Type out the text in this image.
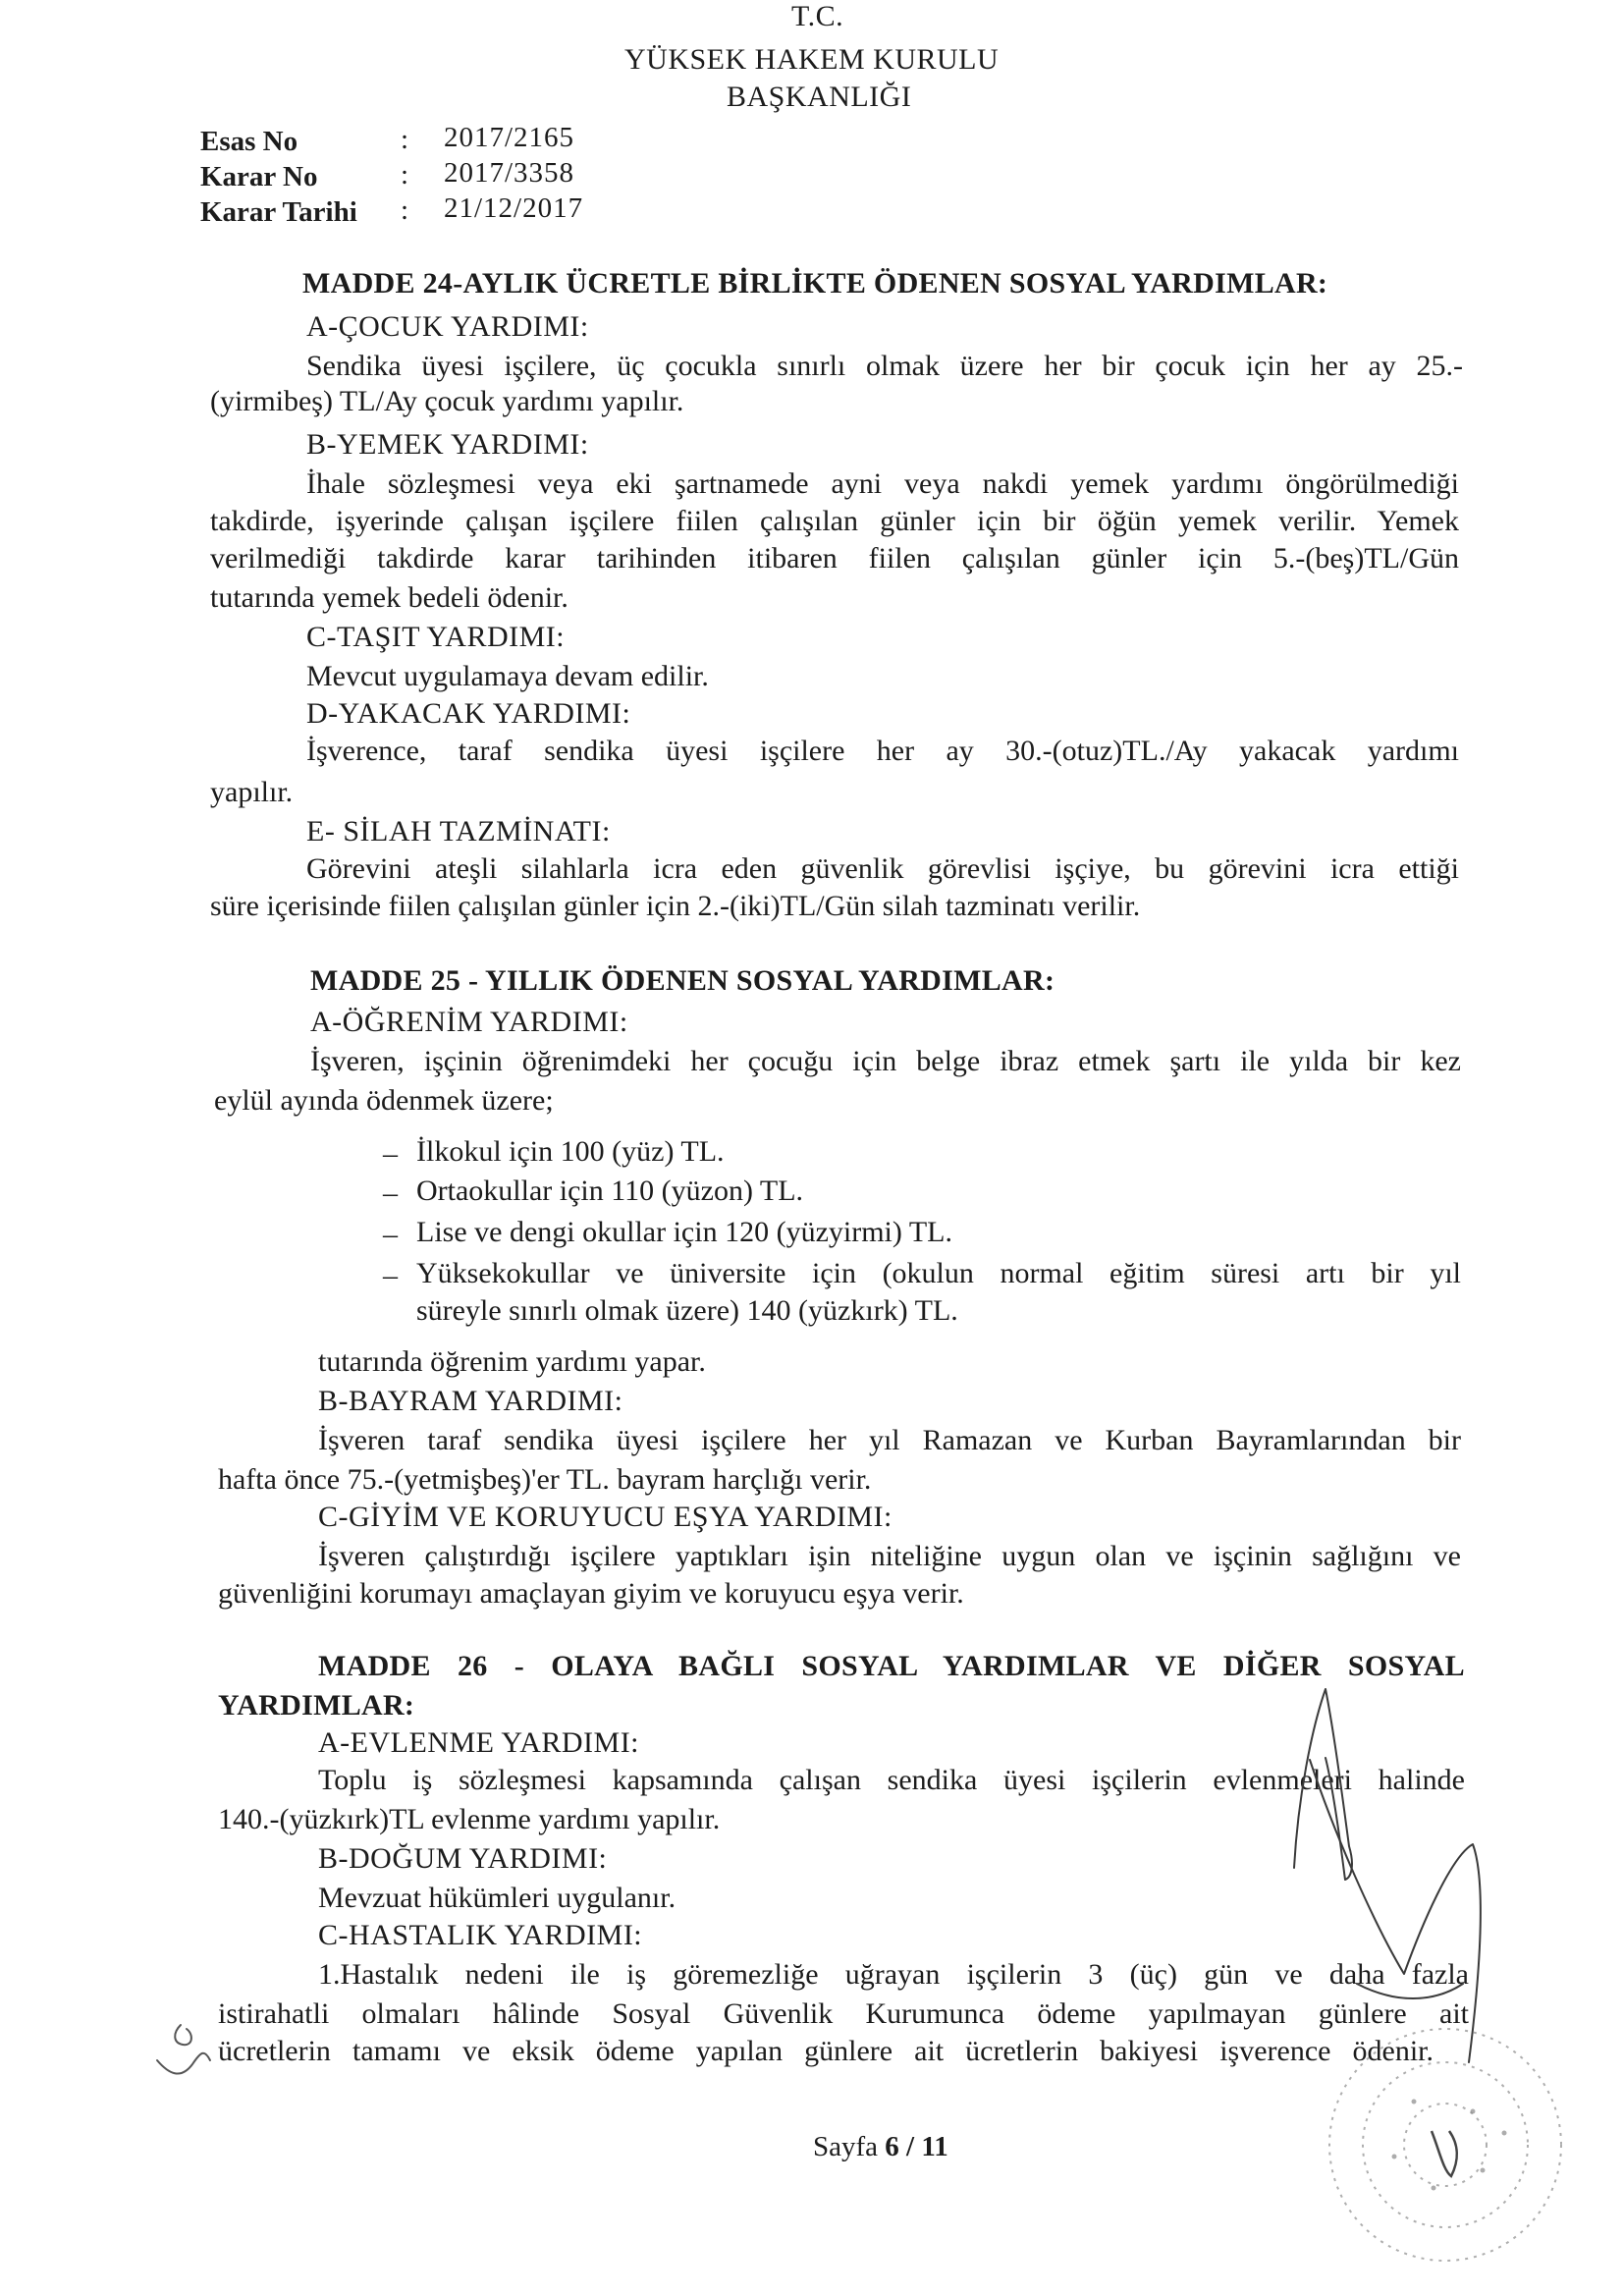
T.C.
YÜKSEK HAKEM KURULU
BAŞKANLIĞI
Esas No	: 2017/2165
Karar No	: 2017/3358
Karar Tarihi : 21/12/2017
MADDE 24-AYLIK ÜCRETLE BİRLİKTE ÖDENEN SOSYAL YARDIMLAR:
A-ÇOCUK YARDIMI:
Sendika üyesi işçilere, üç çocukla sınırlı olmak üzere her bir çocuk için her ay 25.-
(yirmibeş) TL/Ay çocuk yardımı yapılır.
B-YEMEK YARDIMI:
İhale sözleşmesi veya eki şartnamede ayni veya nakdi yemek yardımı öngörülmediği
takdirde, işyerinde çalışan işçilere fiilen çalışılan günler için bir öğün yemek verilir. Yemek
verilmediği takdirde karar tarihinden itibaren fiilen çalışılan günler için 5.-(beş)TL/Gün
tutarında yemek bedeli ödenir.
C-TAŞIT YARDIMI:
Mevcut uygulamaya devam edilir.
D-YAKACAK YARDIMI:
İşverence, taraf sendika üyesi işçilere her ay 30.-(otuz)TL./Ay yakacak yardımı
yapılır.
E- SİLAH TAZMİNATI:
Görevini ateşli silahlarla icra eden güvenlik görevlisi işçiye, bu görevini icra ettiği
süre içerisinde fiilen çalışılan günler için 2.-(iki)TL/Gün silah tazminatı verilir.
MADDE 25 - YILLIK ÖDENEN SOSYAL YARDIMLAR:
A-ÖĞRENİM YARDIMI:
İşveren, işçinin öğrenimdeki her çocuğu için belge ibraz etmek şartı ile yılda bir kez
eylül ayında ödenmek üzere;
– İlkokul için 100 (yüz) TL.
– Ortaokullar için 110 (yüzon) TL.
– Lise ve dengi okullar için 120 (yüzyirmi) TL.
– Yüksekokullar ve üniversite için (okulun normal eğitim süresi artı bir yıl
süreyle sınırlı olmak üzere) 140 (yüzkırk) TL.
tutarında öğrenim yardımı yapar.
B-BAYRAM YARDIMI:
İşveren taraf sendika üyesi işçilere her yıl Ramazan ve Kurban Bayramlarından bir
hafta önce 75.-(yetmişbeş)'er TL. bayram harçlığı verir.
C-GİYİM VE KORUYUCU EŞYA YARDIMI:
İşveren çalıştırdığı işçilere yaptıkları işin niteliğine uygun olan ve işçinin sağlığını ve
güvenliğini korumayı amaçlayan giyim ve koruyucu eşya verir.
MADDE 26 - OLAYA BAĞLI SOSYAL YARDIMLAR VE DİĞER SOSYAL
YARDIMLAR:
A-EVLENME YARDIMI:
Toplu iş sözleşmesi kapsamında çalışan sendika üyesi işçilerin evlenmeleri halinde
140.-(yüzkırk)TL evlenme yardımı yapılır.
B-DOĞUM YARDIMI:
Mevzuat hükümleri uygulanır.
C-HASTALIK YARDIMI:
1.Hastalık nedeni ile iş göremezliğe uğrayan işçilerin 3 (üç) gün ve daha fazla
istirahatli olmaları hâlinde Sosyal Güvenlik Kurumunca ödeme yapılmayan günlere ait
ücretlerin tamamı ve eksik ödeme yapılan günlere ait ücretlerin bakiyesi işverence ödenir.
Sayfa 6 / 11
